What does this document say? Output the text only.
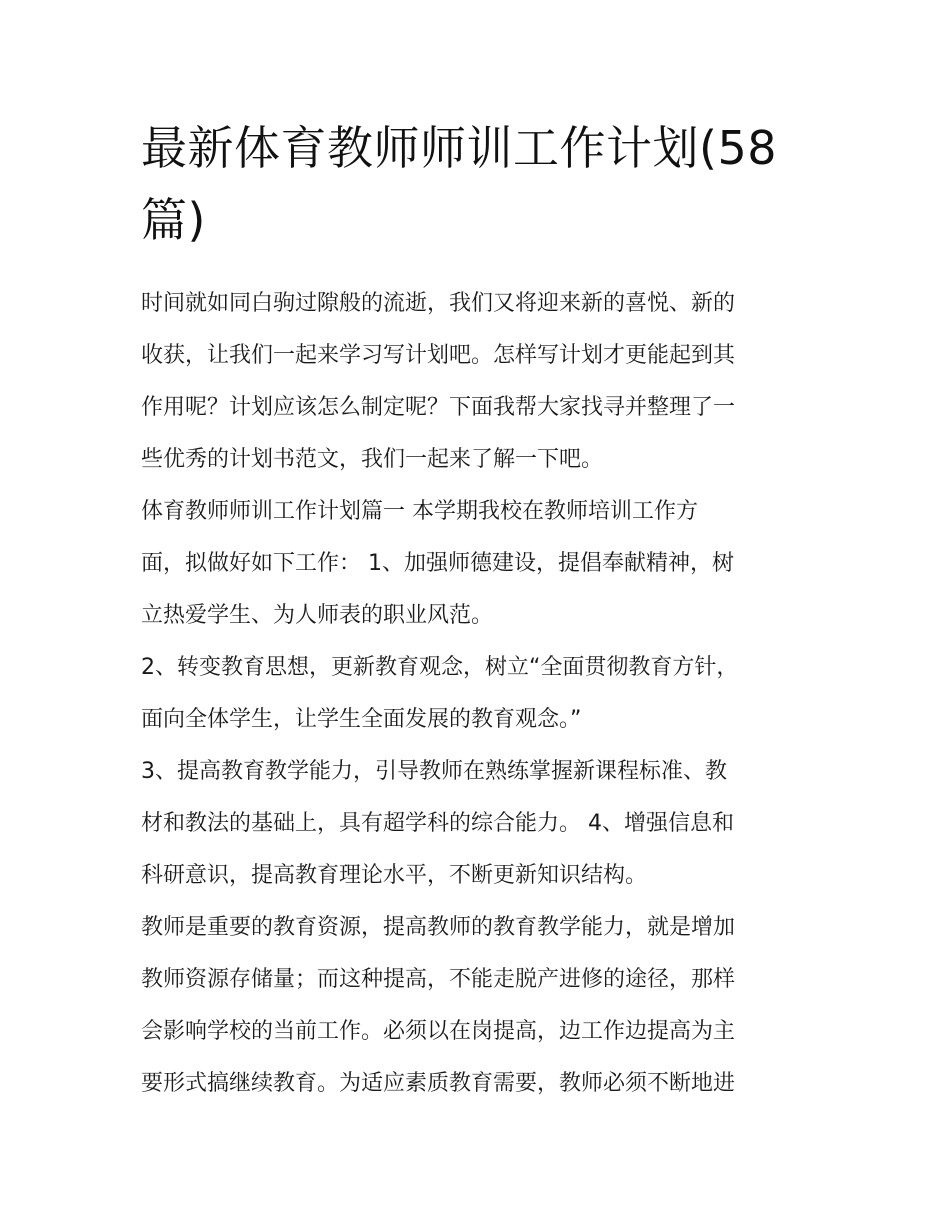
最新体育教师师训工作计划(58
篇)

时间就如同白驹过隙般的流逝，我们又将迎来新的喜悦、新的
收获，让我们一起来学习写计划吧。怎样写计划才更能起到其
作用呢？计划应该怎么制定呢？下面我帮大家找寻并整理了一
些优秀的计划书范文，我们一起来了解一下吧。

体育教师师训工作计划篇一 本学期我校在教师培训工作方
面，拟做好如下工作： 1、加强师德建设，提倡奉献精神，树
立热爱学生、为人师表的职业风范。

2、转变教育思想，更新教育观念，树立“全面贯彻教育方针，
面向全体学生，让学生全面发展的教育观念。”

3、提高教育教学能力，引导教师在熟练掌握新课程标准、教
材和教法的基础上，具有超学科的综合能力。 4、增强信息和
科研意识，提高教育理论水平，不断更新知识结构。

教师是重要的教育资源，提高教师的教育教学能力，就是增加
教师资源存储量；而这种提高，不能走脱产进修的途径，那样
会影响学校的当前工作。必须以在岗提高，边工作边提高为主
要形式搞继续教育。为适应素质教育需要，教师必须不断地进
